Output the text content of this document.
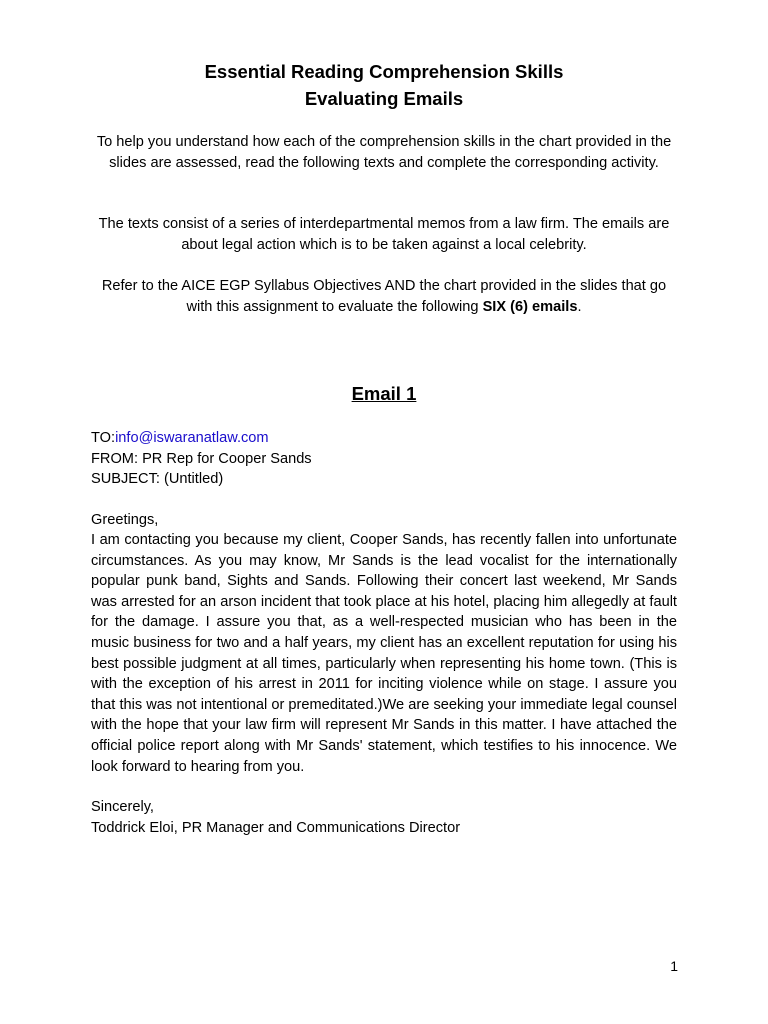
Essential Reading Comprehension Skills
Evaluating Emails

To help you understand how each of the comprehension skills in the chart provided in the slides are assessed, read the following texts and complete the corresponding activity.

The texts consist of a series of interdepartmental memos from a law firm. The emails are about legal action which is to be taken against a local celebrity.

Refer to the AICE EGP Syllabus Objectives AND the chart provided in the slides that go with this assignment to evaluate the following SIX (6) emails.

Email 1
TO:info@iswaranatlaw.com
FROM: PR Rep for Cooper Sands
SUBJECT: (Untitled)
Greetings,

I am contacting you because my client, Cooper Sands, has recently fallen into unfortunate circumstances. As you may know, Mr Sands is the lead vocalist for the internationally popular punk band, Sights and Sands. Following their concert last weekend, Mr Sands was arrested for an arson incident that took place at his hotel, placing him allegedly at fault for the damage. I assure you that, as a well-respected musician who has been in the music business for two and a half years, my client has an excellent reputation for using his best possible judgment at all times, particularly when representing his home town. (This is with the exception of his arrest in 2011 for inciting violence while on stage. I assure you that this was not intentional or premeditated.)We are seeking your immediate legal counsel with the hope that your law firm will represent Mr Sands in this matter. I have attached the official police report along with Mr Sands' statement, which testifies to his innocence. We look forward to hearing from you.

Sincerely,
Toddrick Eloi, PR Manager and Communications Director
1
